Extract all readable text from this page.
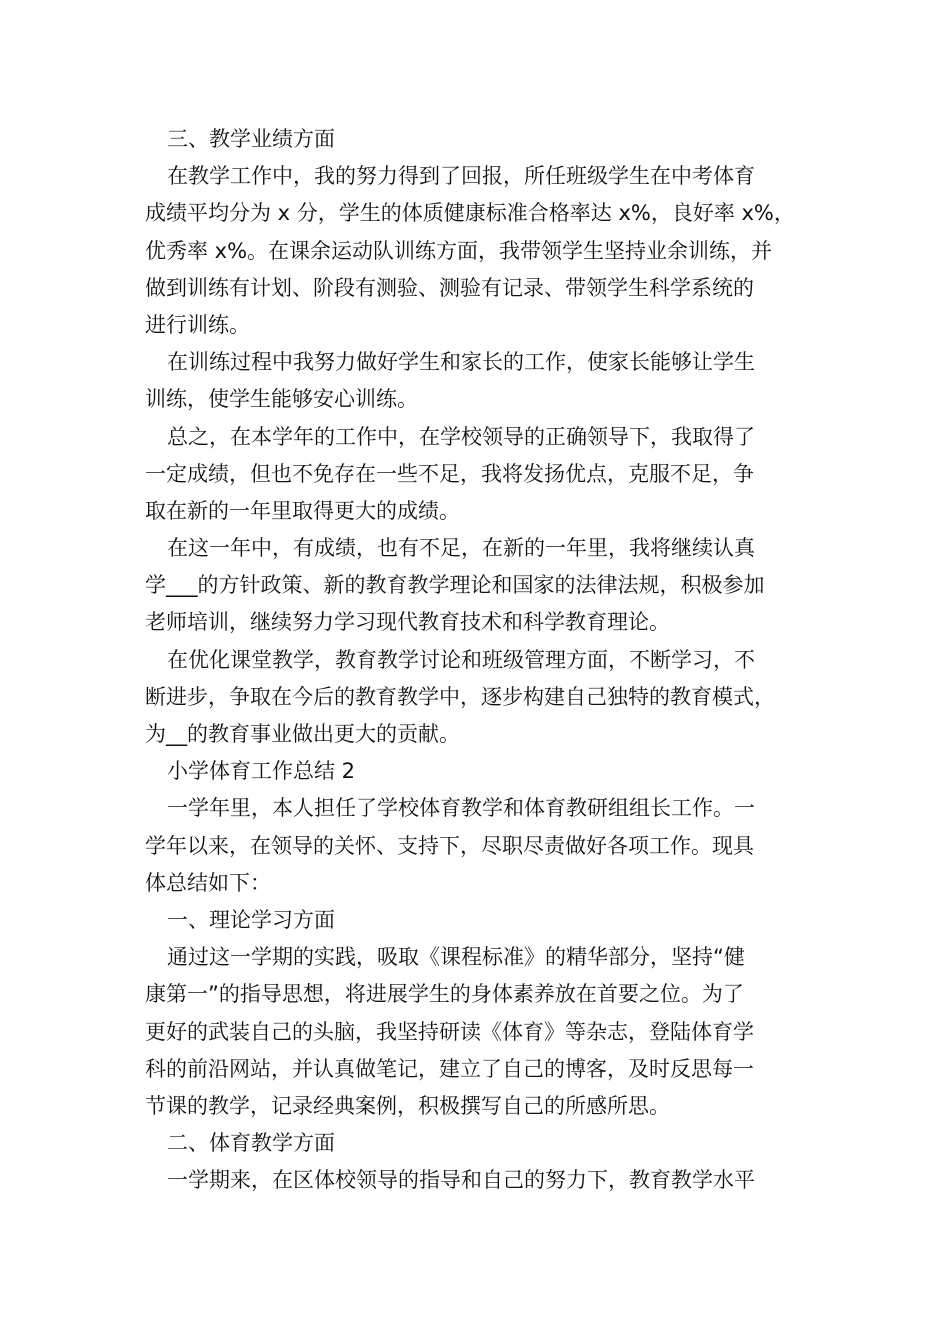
三、教学业绩方面
在教学工作中，我的努力得到了回报，所任班级学生在中考体育
成绩平均分为 x 分，学生的体质健康标准合格率达 x%，良好率 x%，
优秀率 x%。在课余运动队训练方面，我带领学生坚持业余训练，并
做到训练有计划、阶段有测验、测验有记录、带领学生科学系统的
进行训练。
在训练过程中我努力做好学生和家长的工作，使家长能够让学生
训练，使学生能够安心训练。
总之，在本学年的工作中，在学校领导的正确领导下，我取得了
一定成绩，但也不免存在一些不足，我将发扬优点，克服不足，争
取在新的一年里取得更大的成绩。
在这一年中，有成绩，也有不足，在新的一年里，我将继续认真
学___的方针政策、新的教育教学理论和国家的法律法规，积极参加
老师培训，继续努力学习现代教育技术和科学教育理论。
在优化课堂教学，教育教学讨论和班级管理方面，不断学习，不
断进步，争取在今后的教育教学中，逐步构建自己独特的教育模式，
为__的教育事业做出更大的贡献。
小学体育工作总结 2
一学年里，本人担任了学校体育教学和体育教研组组长工作。一
学年以来，在领导的关怀、支持下，尽职尽责做好各项工作。现具
体总结如下：
一、理论学习方面
通过这一学期的实践，吸取《课程标准》的精华部分，坚持“健
康第一”的指导思想，将进展学生的身体素养放在首要之位。为了
更好的武装自己的头脑，我坚持研读《体育》等杂志，登陆体育学
科的前沿网站，并认真做笔记，建立了自己的博客，及时反思每一
节课的教学，记录经典案例，积极撰写自己的所感所思。
二、体育教学方面
一学期来，在区体校领导的指导和自己的努力下，教育教学水平
